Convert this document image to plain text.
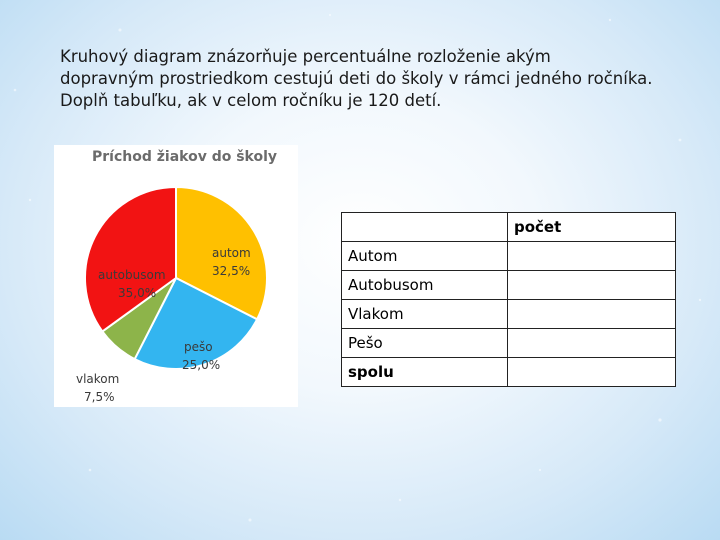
Kruhový diagram znázorňuje percentuálne rozloženie akým
dopravným prostriedkom cestujú deti do školy v rámci jedného ročníka.
Doplň tabuľku, ak v celom ročníku je 120 detí.
Príchod žiakov do školy
autom
32,5%
pešo
25,0%
vlakom
7,5%
autobusom
35,0%
	počet
Autom	
Autobusom	
Vlakom	
Pešo	
spolu	
